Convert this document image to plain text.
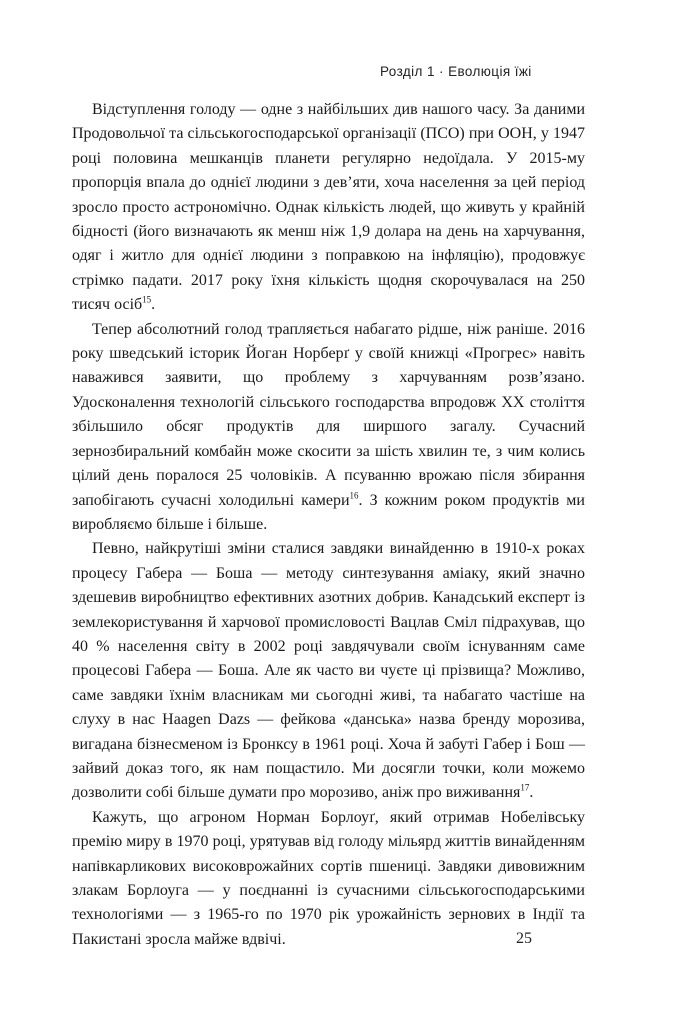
Розділ 1 · Еволюція їжі

Відступлення голоду — одне з найбільших див нашого часу. За даними Продовольчої та сільськогосподарської організації (ПСО) при ООН, у 1947 році половина мешканців планети регулярно недоїдала. У 2015-му пропорція впала до однієї людини з дев’яти, хоча населення за цей період зросло просто астрономічно. Однак кількість людей, що живуть у крайній бідності (його визначають як менш ніж 1,9 долара на день на харчування, одяг і житло для однієї людини з поправкою на інфляцію), продовжує стрімко падати. 2017 року їхня кількість щодня скорочувалася на 250 тисяч осіб$^{15}$.

Тепер абсолютний голод трапляється набагато рідше, ніж раніше. 2016 року шведський історик Йоган Норберґ у своїй книжці «Прогрес» навіть наважився заявити, що проблему з харчуванням розв’язано. Удосконалення технологій сільського господарства впродовж XX століття збільшило обсяг продуктів для ширшого загалу. Сучасний зернозбиральний комбайн може скосити за шість хвилин те, з чим колись цілий день поралося 25 чоловіків. А псуванню врожаю після збирання запобігають сучасні холодильні камери$^{16}$. З кожним роком продуктів ми виробляємо більше і більше.

Певно, найкрутіші зміни сталися завдяки винайденню в 1910-х роках процесу Габера — Боша — методу синтезування аміаку, який значно здешевив виробництво ефективних азотних добрив. Канадський експерт із землекористування й харчової промисловості Вацлав Сміл підрахував, що 40 % населення світу в 2002 році завдячували своїм існуванням саме процесові Габера — Боша. Але як часто ви чуєте ці прізвища? Можливо, саме завдяки їхнім власникам ми сьогодні живі, та набагато частіше на слуху в нас Haagen Dazs — фейкова «данська» назва бренду морозива, вигадана бізнесменом із Бронксу в 1961 році. Хоча й забуті Габер і Бош — зайвий доказ того, як нам пощастило. Ми досягли точки, коли можемо дозволити собі більше думати про морозиво, аніж про виживання$^{17}$.

Кажуть, що агроном Норман Борлоуґ, який отримав Нобелівську премію миру в 1970 році, урятував від голоду мільярд життів винайденням напівкарликових високоврожайних сортів пшениці. Завдяки дивовижним злакам Борлоуга — у поєднанні із сучасними сільськогосподарськими технологіями — з 1965-го по 1970 рік урожайність зернових в Індії та Пакистані зросла майже вдвічі.	25
